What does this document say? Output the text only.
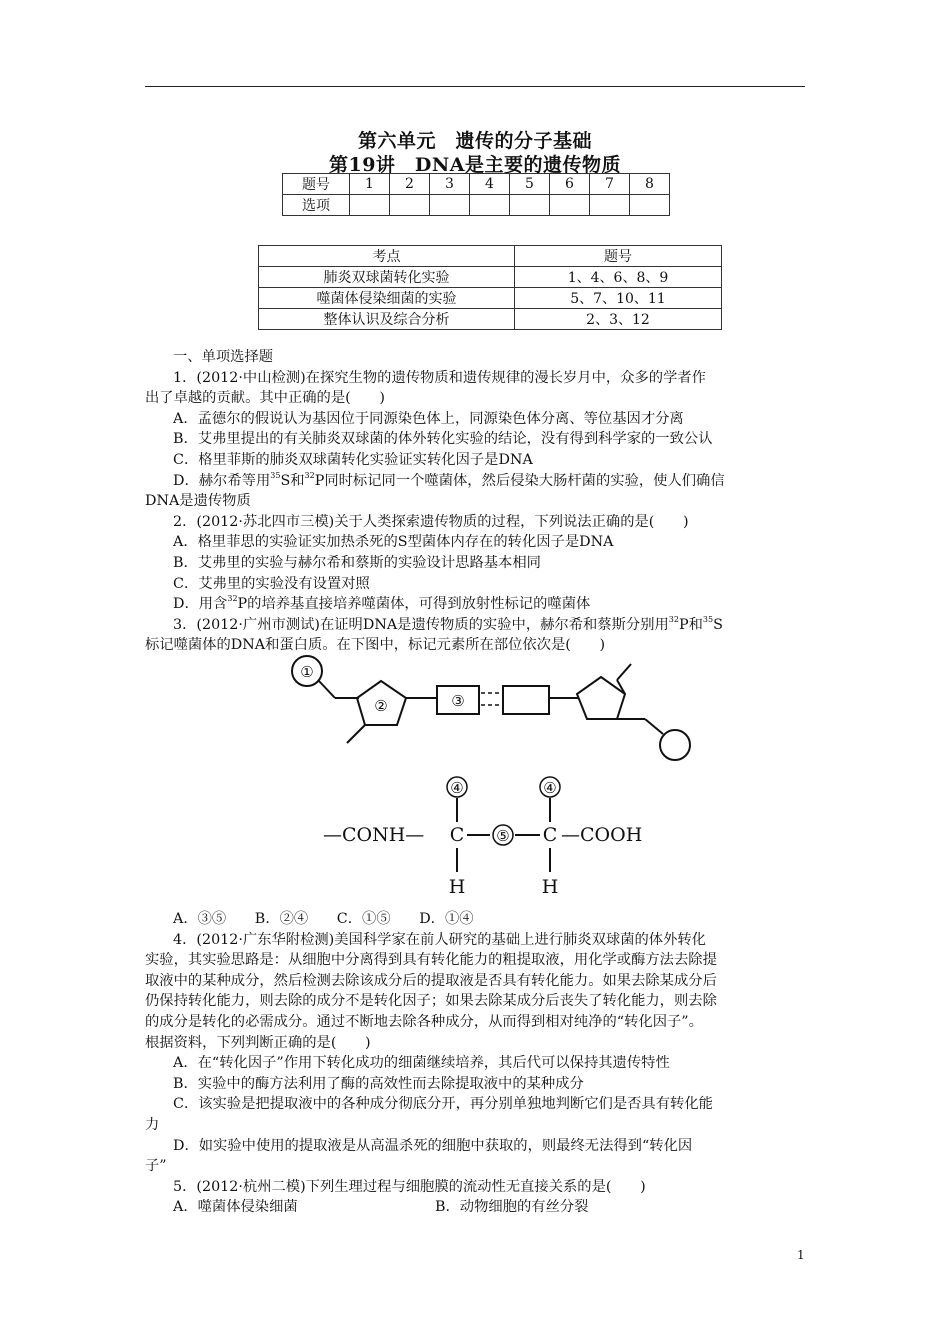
第六单元　遗传的分子基础
第19讲　DNA是主要的遗传物质
题号	1	2	3	4	5	6	7	8
选项								
考点	题号
肺炎双球菌转化实验	1、4、6、8、9
噬菌体侵染细菌的实验	5、7、10、11
整体认识及综合分析	2、3、12

一、单项选择题

1．(2012·中山检测)在探究生物的遗传物质和遗传规律的漫长岁月中，众多的学者作

出了卓越的贡献。其中正确的是(　　)

A．孟德尔的假说认为基因位于同源染色体上，同源染色体分离、等位基因才分离

B．艾弗里提出的有关肺炎双球菌的体外转化实验的结论，没有得到科学家的一致公认

C．格里菲斯的肺炎双球菌转化实验证实转化因子是DNA

D．赫尔希等用$^{35}$S和$^{32}$P同时标记同一个噬菌体，然后侵染大肠杆菌的实验，使人们确信

DNA是遗传物质

2．(2012·苏北四市三模)关于人类探索遗传物质的过程，下列说法正确的是(　　)

A．格里菲思的实验证实加热杀死的S型菌体内存在的转化因子是DNA

B．艾弗里的实验与赫尔希和蔡斯的实验设计思路基本相同

C．艾弗里的实验没有设置对照

D．用含$^{32}$P的培养基直接培养噬菌体，可得到放射性标记的噬菌体

3．(2012·广州市测试)在证明DNA是遗传物质的实验中，赫尔希和蔡斯分别用$^{32}$P和$^{35}$S

标记噬菌体的DNA和蛋白质。在下图中，标记元素所在部位依次是(　　)

①
②	③
④	④
—CONH— C ⑤ C —COOH
H	H

A．③⑤　　B．②④　　C．①⑤　　D．①④

4．(2012·广东华附检测)美国科学家在前人研究的基础上进行肺炎双球菌的体外转化

实验，其实验思路是：从细胞中分离得到具有转化能力的粗提取液，用化学或酶方法去除提

取液中的某种成分，然后检测去除该成分后的提取液是否具有转化能力。如果去除某成分后

仍保持转化能力，则去除的成分不是转化因子；如果去除某成分后丧失了转化能力，则去除

的成分是转化的必需成分。通过不断地去除各种成分，从而得到相对纯净的“转化因子”。

根据资料，下列判断正确的是(　　)

A．在“转化因子”作用下转化成功的细菌继续培养，其后代可以保持其遗传特性

B．实验中的酶方法利用了酶的高效性而去除提取液中的某种成分

C．该实验是把提取液中的各种成分彻底分开，再分别单独地判断它们是否具有转化能

力

D．如实验中使用的提取液是从高温杀死的细胞中获取的，则最终无法得到“转化因

子”

5．(2012·杭州二模)下列生理过程与细胞膜的流动性无直接关系的是(　　)

A．噬菌体侵染细菌	B．动物细胞的有丝分裂

1
